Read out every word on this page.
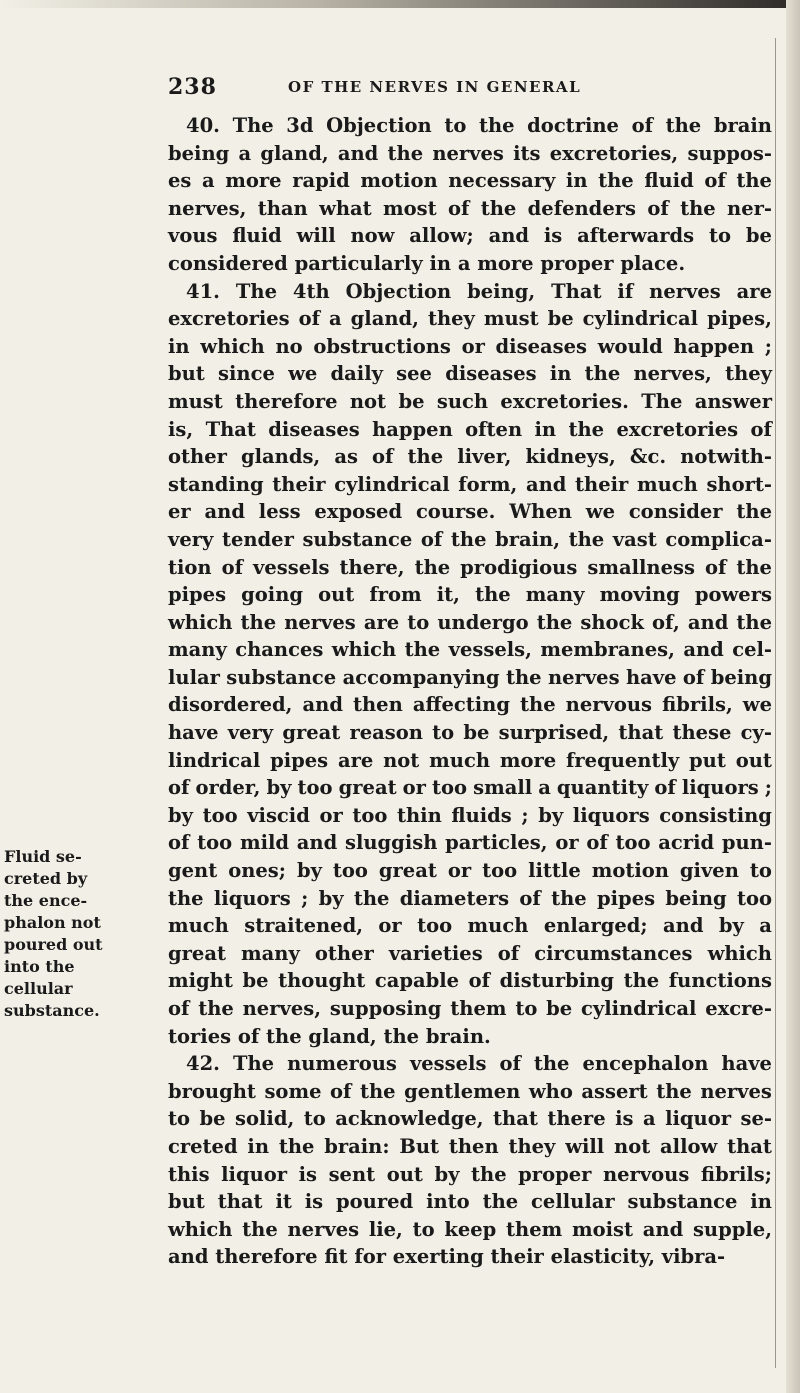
238	OF THE NERVES IN GENERAL
Fluid se-
creted by
the ence-
phalon not
poured out
into the
cellular
substance.
40. The 3d Objection to the doctrine of the brain
being a gland, and the nerves its excretories, suppos-
es a more rapid motion necessary in the fluid of the
nerves, than what most of the defenders of the ner-
vous fluid will now allow; and is afterwards to be
considered particularly in a more proper place.
41. The 4th Objection being, That if nerves are
excretories of a gland, they must be cylindrical pipes,
in which no obstructions or diseases would happen ;
but since we daily see diseases in the nerves, they
must therefore not be such excretories. The answer
is, That diseases happen often in the excretories of
other glands, as of the liver, kidneys, &c. notwith-
standing their cylindrical form, and their much short-
er and less exposed course. When we consider the
very tender substance of the brain, the vast complica-
tion of vessels there, the prodigious smallness of the
pipes going out from it, the many moving powers
which the nerves are to undergo the shock of, and the
many chances which the vessels, membranes, and cel-
lular substance accompanying the nerves have of being
disordered, and then affecting the nervous fibrils, we
have very great reason to be surprised, that these cy-
lindrical pipes are not much more frequently put out
of order, by too great or too small a quantity of liquors ;
by too viscid or too thin fluids ; by liquors consisting
of too mild and sluggish particles, or of too acrid pun-
gent ones; by too great or too little motion given to
the liquors ; by the diameters of the pipes being too
much straitened, or too much enlarged; and by a
great many other varieties of circumstances which
might be thought capable of disturbing the functions
of the nerves, supposing them to be cylindrical excre-
tories of the gland, the brain.
42. The numerous vessels of the encephalon have
brought some of the gentlemen who assert the nerves
to be solid, to acknowledge, that there is a liquor se-
creted in the brain: But then they will not allow that
this liquor is sent out by the proper nervous fibrils;
but that it is poured into the cellular substance in
which the nerves lie, to keep them moist and supple,
and therefore fit for exerting their elasticity, vibra-
